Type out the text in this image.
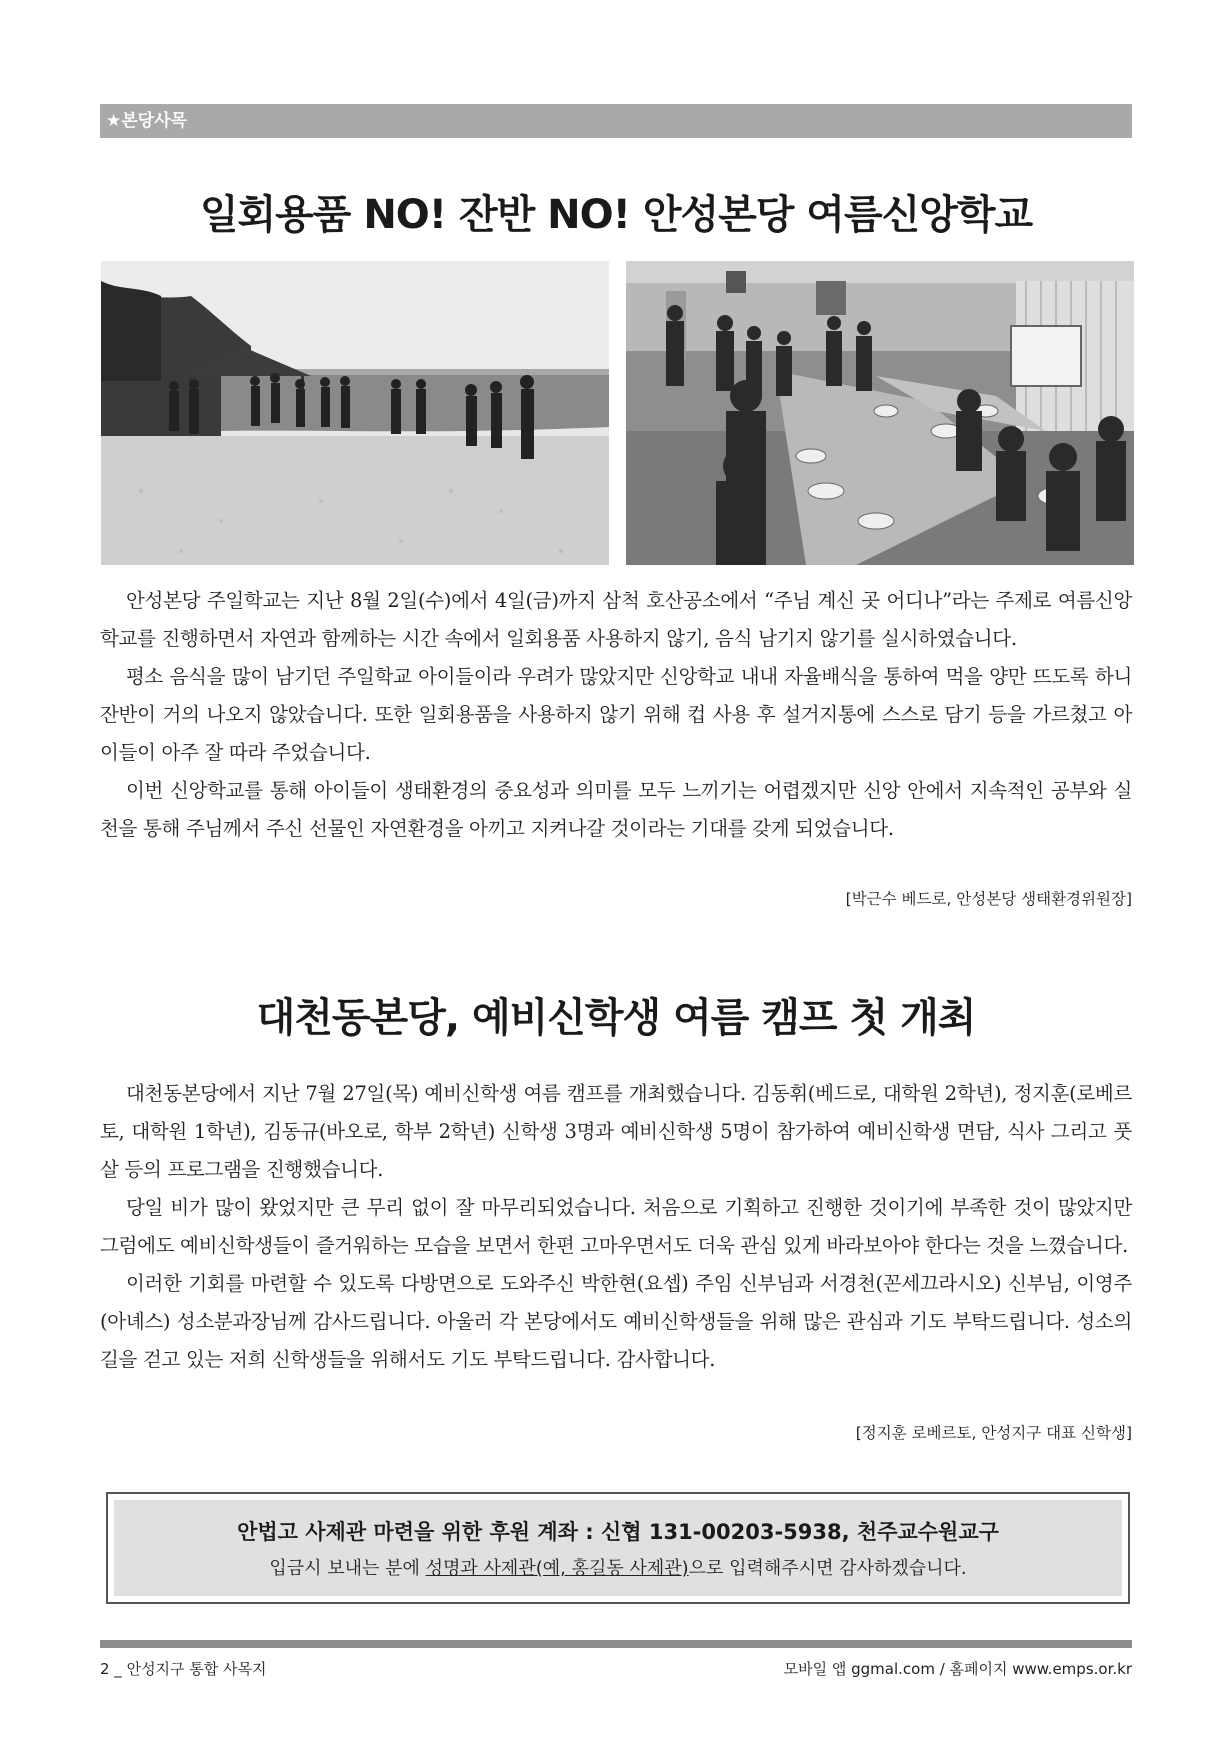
★본당사목
일회용품 NO! 잔반 NO! 안성본당 여름신앙학교

안성본당 주일학교는 지난 8월 2일(수)에서 4일(금)까지 삼척 호산공소에서 “주님 계신 곳 어디나”라는 주제로 여름신앙학교를 진행하면서 자연과 함께하는 시간 속에서 일회용품 사용하지 않기, 음식 남기지 않기를 실시하였습니다.

평소 음식을 많이 남기던 주일학교 아이들이라 우려가 많았지만 신앙학교 내내 자율배식을 통하여 먹을 양만 뜨도록 하니 잔반이 거의 나오지 않았습니다. 또한 일회용품을 사용하지 않기 위해 컵 사용 후 설거지통에 스스로 담기 등을 가르쳤고 아이들이 아주 잘 따라 주었습니다.

이번 신앙학교를 통해 아이들이 생태환경의 중요성과 의미를 모두 느끼기는 어렵겠지만 신앙 안에서 지속적인 공부와 실천을 통해 주님께서 주신 선물인 자연환경을 아끼고 지켜나갈 것이라는 기대를 갖게 되었습니다.

[박근수 베드로, 안성본당 생태환경위원장]
대천동본당, 예비신학생 여름 캠프 첫 개최

대천동본당에서 지난 7월 27일(목) 예비신학생 여름 캠프를 개최했습니다. 김동휘(베드로, 대학원 2학년), 정지훈(로베르토, 대학원 1학년), 김동규(바오로, 학부 2학년) 신학생 3명과 예비신학생 5명이 참가하여 예비신학생 면담, 식사 그리고 풋살 등의 프로그램을 진행했습니다.

당일 비가 많이 왔었지만 큰 무리 없이 잘 마무리되었습니다. 처음으로 기획하고 진행한 것이기에 부족한 것이 많았지만 그럼에도 예비신학생들이 즐거워하는 모습을 보면서 한편 고마우면서도 더욱 관심 있게 바라보아야 한다는 것을 느꼈습니다.

이러한 기회를 마련할 수 있도록 다방면으로 도와주신 박한현(요셉) 주임 신부님과 서경천(꼰세끄라시오) 신부님, 이영주(아녜스) 성소분과장님께 감사드립니다. 아울러 각 본당에서도 예비신학생들을 위해 많은 관심과 기도 부탁드립니다. 성소의 길을 걷고 있는 저희 신학생들을 위해서도 기도 부탁드립니다. 감사합니다.

[정지훈 로베르토, 안성지구 대표 신학생]
안법고 사제관 마련을 위한 후원 계좌 : 신협 131-00203-5938, 천주교수원교구
입금시 보내는 분에 성명과 사제관(예, 홍길동 사제관)으로 입력해주시면 감사하겠습니다.
2 _ 안성지구 통합 사목지	모바일 앱 ggmal.com / 홈페이지 www.emps.or.kr
